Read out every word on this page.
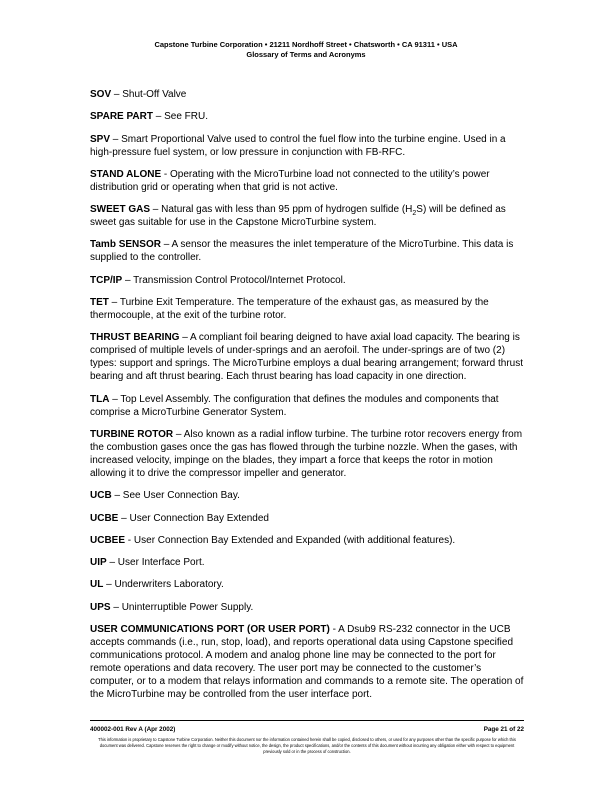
Capstone Turbine Corporation • 21211 Nordhoff Street • Chatsworth • CA 91311 • USA
Glossary of Terms and Acronyms

SOV – Shut-Off Valve

SPARE PART – See FRU.

SPV – Smart Proportional Valve used to control the fuel flow into the turbine engine. Used in a high-pressure fuel system, or low pressure in conjunction with FB-RFC.

STAND ALONE - Operating with the MicroTurbine load not connected to the utility’s power distribution grid or operating when that grid is not active.

SWEET GAS – Natural gas with less than 95 ppm of hydrogen sulfide $(H_2S)$ will be defined as sweet gas suitable for use in the Capstone MicroTurbine system.

Tamb SENSOR – A sensor the measures the inlet temperature of the MicroTurbine. This data is supplied to the controller.

TCP/IP – Transmission Control Protocol/Internet Protocol.

TET – Turbine Exit Temperature. The temperature of the exhaust gas, as measured by the thermocouple, at the exit of the turbine rotor.

THRUST BEARING – A compliant foil bearing deigned to have axial load capacity. The bearing is comprised of multiple levels of under-springs and an aerofoil. The under-springs are of two (2) types: support and springs. The MicroTurbine employs a dual bearing arrangement; forward thrust bearing and aft thrust bearing. Each thrust bearing has load capacity in one direction.

TLA – Top Level Assembly. The configuration that defines the modules and components that comprise a MicroTurbine Generator System.

TURBINE ROTOR – Also known as a radial inflow turbine. The turbine rotor recovers energy from the combustion gases once the gas has flowed through the turbine nozzle. When the gases, with increased velocity, impinge on the blades, they impart a force that keeps the rotor in motion allowing it to drive the compressor impeller and generator.

UCB – See User Connection Bay.

UCBE – User Connection Bay Extended

UCBEE - User Connection Bay Extended and Expanded (with additional features).

UIP – User Interface Port.

UL – Underwriters Laboratory.

UPS – Uninterruptible Power Supply.

USER COMMUNICATIONS PORT (OR USER PORT) - A Dsub9 RS-232 connector in the UCB accepts commands (i.e., run, stop, load), and reports operational data using Capstone specified communications protocol. A modem and analog phone line may be connected to the port for remote operations and data recovery. The user port may be connected to the customer’s computer, or to a modem that relays information and commands to a remote site. The operation of the MicroTurbine may be controlled from the user interface port.

400002-001 Rev A (Apr 2002)	Page 21 of 22
This information is proprietary to Capstone Turbine Corporation. Neither this document nor the information contained herein shall be copied, disclosed to others, or used for any purposes other than the specific purpose for which this document was delivered. Capstone reserves the right to change or modify without notice, the design, the product specifications, and/or the contents of this document without incurring any obligation either with respect to equipment previously sold or in the process of construction.
